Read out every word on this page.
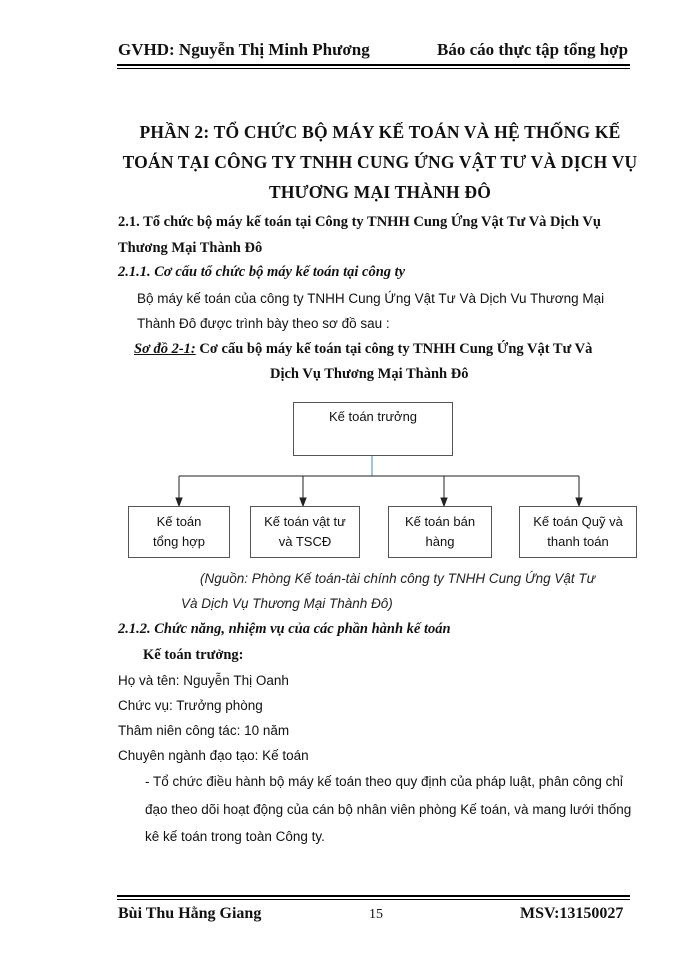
GVHD: Nguyễn Thị Minh Phương	Báo cáo thực tập tổng hợp
PHẦN 2: TỔ CHỨC BỘ MÁY KẾ TOÁN VÀ HỆ THỐNG KẾ
TOÁN TẠI CÔNG TY TNHH CUNG ỨNG VẬT TƯ VÀ DỊCH VỤ
THƯƠNG MẠI THÀNH ĐÔ
2.1. Tổ chức bộ máy kế toán tại Công ty TNHH Cung Ứng Vật Tư Và Dịch Vụ
Thương Mại Thành Đô
2.1.1. Cơ cấu tổ chức bộ máy kế toán tại công ty
Bộ máy kế toán của công ty TNHH Cung Ứng Vật Tư Và Dịch Vu Thương Mại
Thành Đô được trình bày theo sơ đồ sau :
Sơ đồ 2-1: Cơ cấu bộ máy kế toán tại công ty TNHH Cung Ứng Vật Tư Và
Dịch Vụ Thương Mại Thành Đô
Kế toán trưởng
Kế toán
tổng hợp
Kế toán vật tư
và TSCĐ
Kế toán bán
hàng
Kế toán Quỹ và
thanh toán
(Nguồn: Phòng Kế toán-tài chính công ty TNHH Cung Ứng Vật Tư
Và Dịch Vụ Thương Mại Thành Đô)
2.1.2. Chức năng, nhiệm vụ của các phần hành kế toán
Kế toán trưởng:
Họ và tên: Nguyễn Thị Oanh
Chức vụ: Trưởng phòng
Thâm niên công tác: 10 năm
Chuyên ngành đạo tạo: Kế toán
- Tổ chức điều hành bộ máy kế toán theo quy định của pháp luật, phân công chỉ
đạo theo dõi hoạt động của cán bộ nhân viên phòng Kế toán, và mang lưới thống
kê kế toán trong toàn Công ty.
Bùi Thu Hằng Giang	15	MSV:13150027
